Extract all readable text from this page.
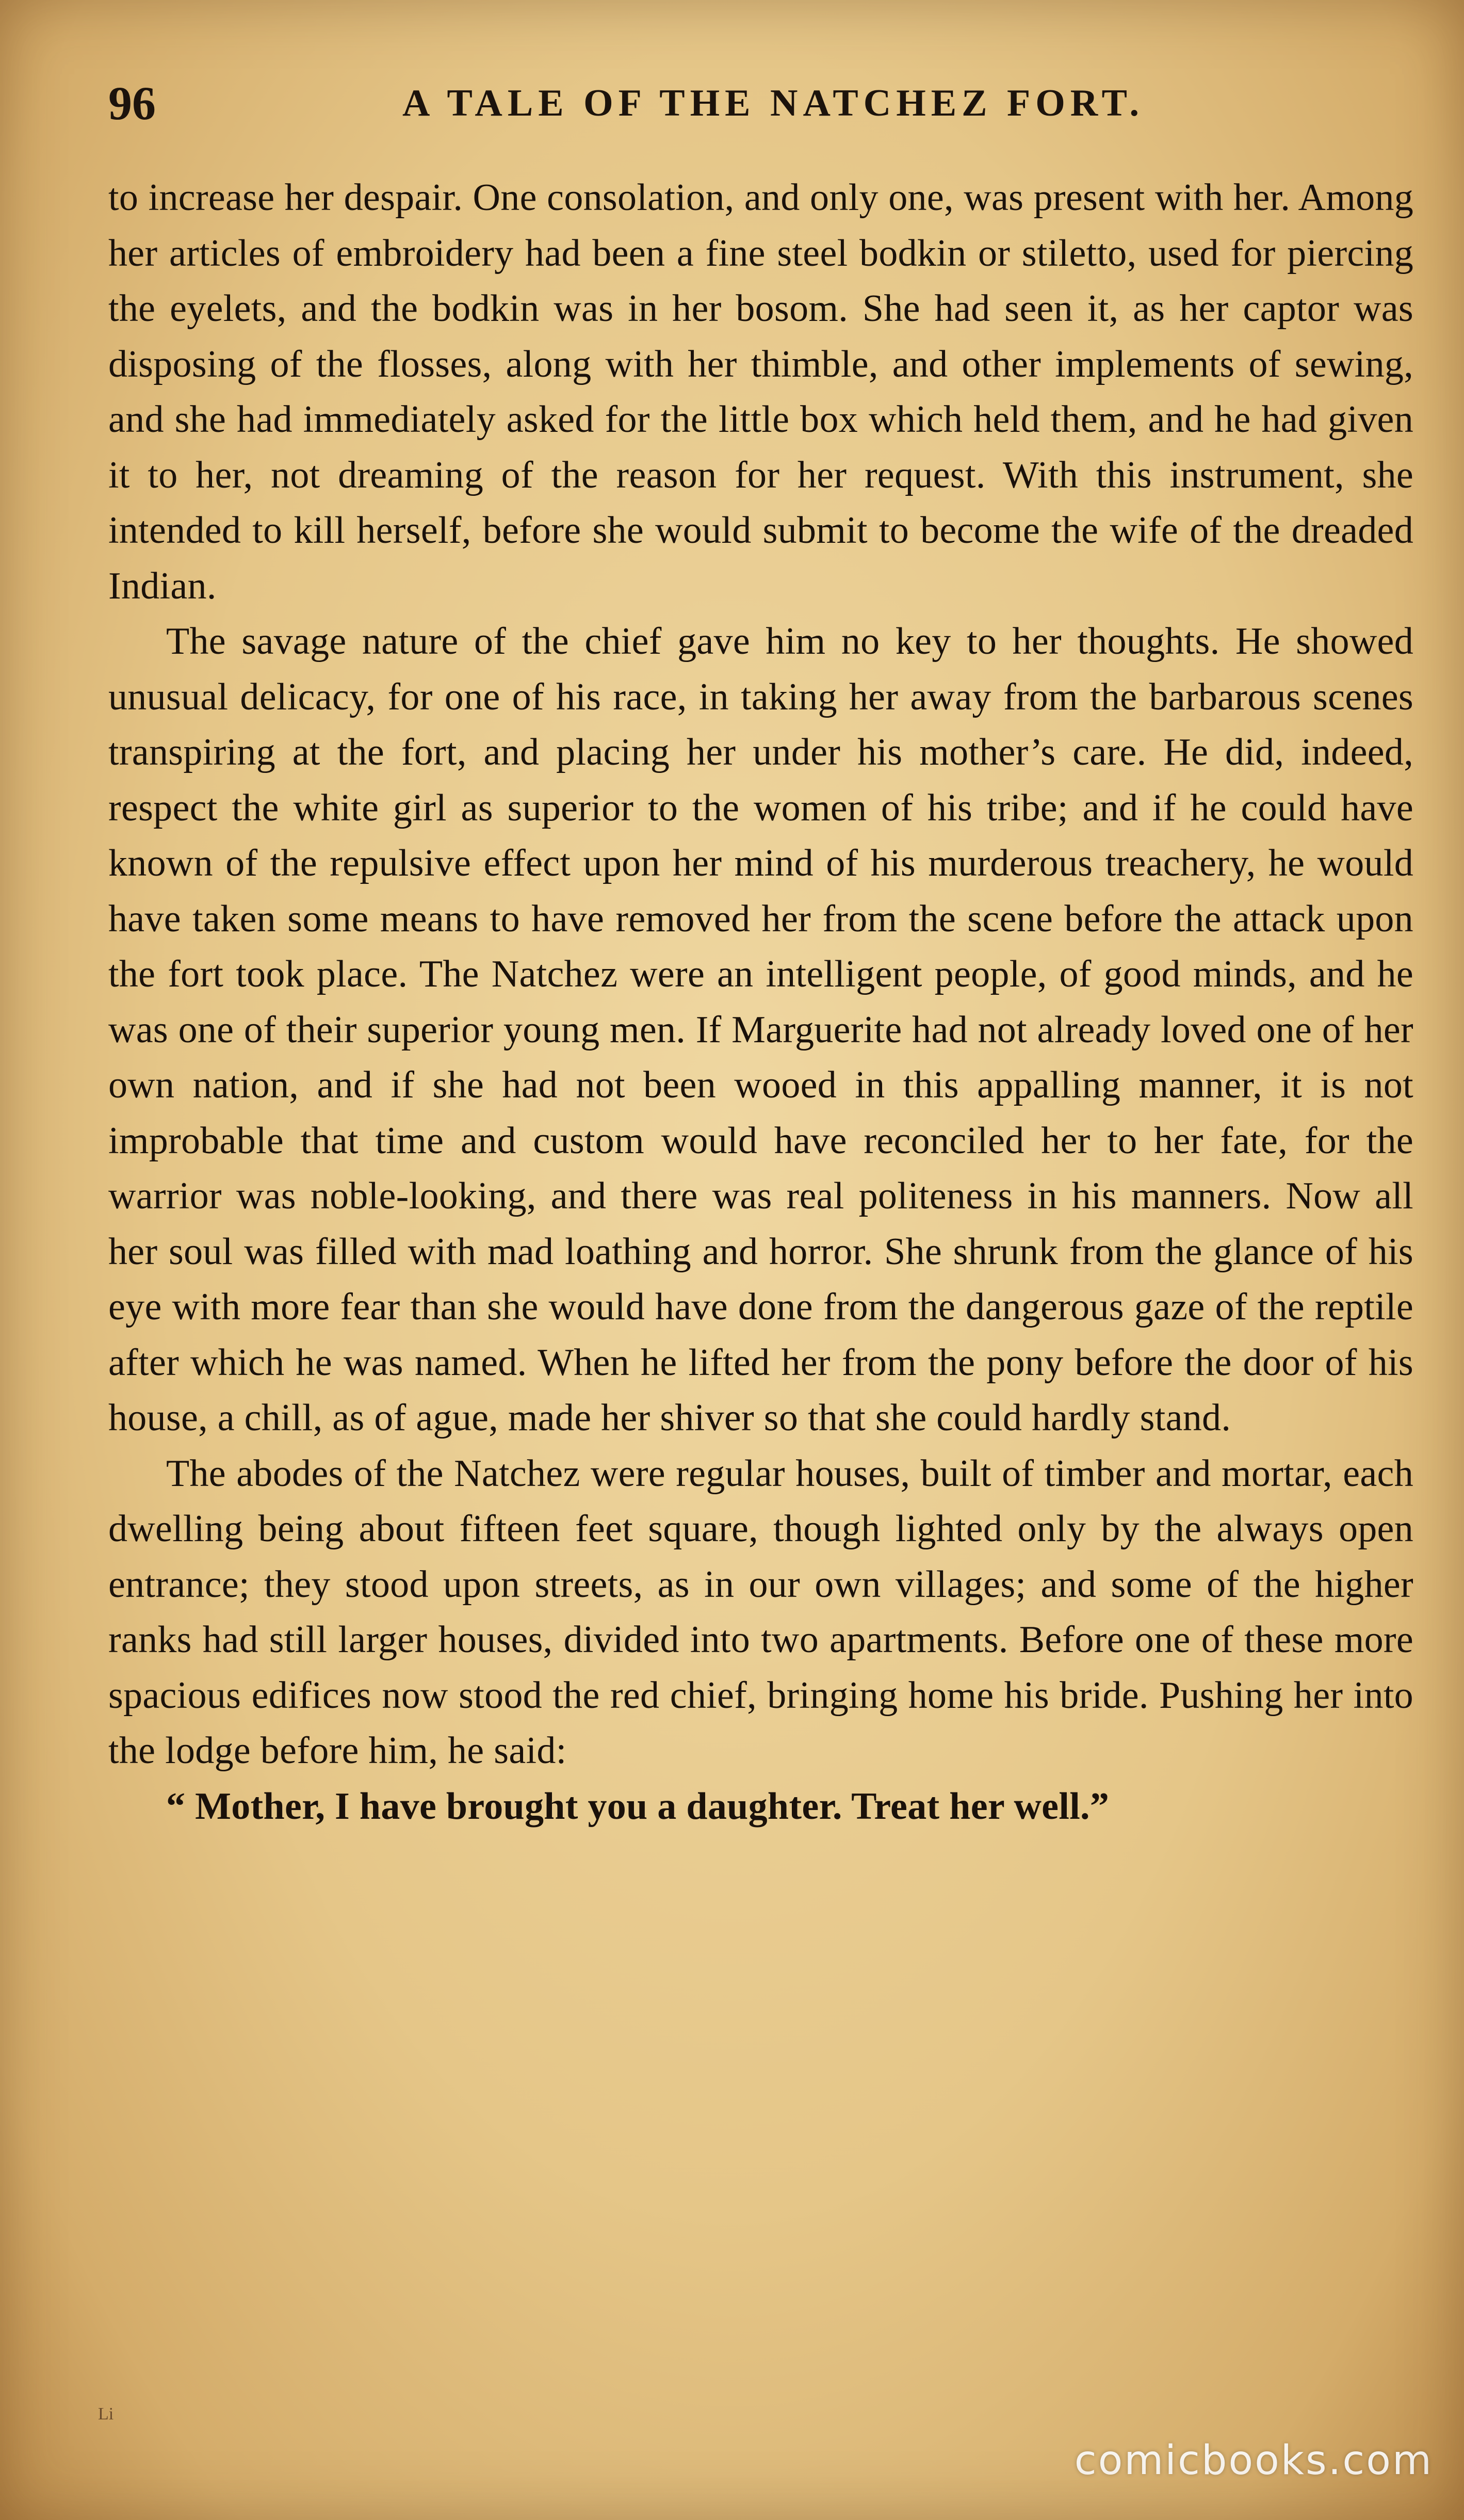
96	A TALE OF THE NATCHEZ FORT.

to increase her despair. One consolation, and only one, was present with her. Among her articles of embroidery had been a fine steel bodkin or stiletto, used for piercing the eyelets, and the bodkin was in her bosom. She had seen it, as her captor was disposing of the flosses, along with her thimble, and other implements of sewing, and she had immediately asked for the little box which held them, and he had given it to her, not dreaming of the reason for her request. With this instrument, she intended to kill herself, before she would submit to become the wife of the dreaded Indian.

The savage nature of the chief gave him no key to her thoughts. He showed unusual delicacy, for one of his race, in taking her away from the barbarous scenes transpiring at the fort, and placing her under his mother’s care. He did, indeed, respect the white girl as superior to the women of his tribe; and if he could have known of the repulsive effect upon her mind of his murderous treachery, he would have taken some means to have removed her from the scene before the attack upon the fort took place. The Natchez were an intelligent people, of good minds, and he was one of their superior young men. If Marguerite had not already loved one of her own nation, and if she had not been wooed in this appalling manner, it is not improbable that time and custom would have reconciled her to her fate, for the warrior was noble-looking, and there was real politeness in his manners. Now all her soul was filled with mad loathing and horror. She shrunk from the glance of his eye with more fear than she would have done from the dangerous gaze of the reptile after which he was named. When he lifted her from the pony before the door of his house, a chill, as of ague, made her shiver so that she could hardly stand.

The abodes of the Natchez were regular houses, built of timber and mortar, each dwelling being about fifteen feet square, though lighted only by the always open entrance; they stood upon streets, as in our own villages; and some of the higher ranks had still larger houses, divided into two apartments. Before one of these more spacious edifices now stood the red chief, bringing home his bride. Pushing her into the lodge before him, he said:

“ Mother, I have brought you a daughter. Treat her well.”

Li
comicbooks.com
